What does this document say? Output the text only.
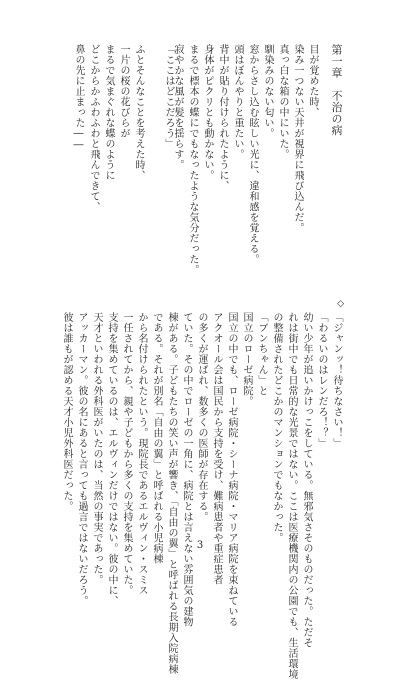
第一章　不治の病

目が覚めた時、

染み一つない天井が視界に飛び込んだ。

真っ白な箱の中にいた。

馴染みのない匂い。

窓からさし込む眩しい光に、違和感を覚える。

頭はぼんやりと重たい。

背中が貼り付けられたように、

身体がピクリとも動かない。

まるで標本の蝶にでもなったような気分だった。

寂やかな風が髪を揺らす。

「ここはどこだろう」

ふとそんなことを考えた時、

一片の桜の花びらが

まるで気まぐれな蝶のように

どこからかふわふわと飛んできて、

鼻の先に止まった――

◇

「ジャンッ！待ちなさい！」

「わるいのはレンだろ！？」

幼い少年が追いかけっこをしている。無邪気さそのものだった。ただそ

れは街中でも日常的な光景ではない。ここは医療機関内の公園でも、生活環境

の整備されたどこかのマンションでもなかった。

「ブンちゃん」と

国立のローゼ病院。

国立の中でも、ローゼ病院・シーナ病院・マリア病院を束ねている

アクオール会は国民から支持を受け、難病患者や重症患者

の多くが運ばれ、数多くの医師が存在する。

ていた。その中でローゼの一角に、病院とは言えない雰囲気の建物

棟がある。子どもたちの笑い声が響き、「自由の翼」と呼ばれる長期入院病棟

である。それが別名「自由の翼」と呼ばれる小児病棟

から名付けられたという。現院長であるエルヴィン・スミス

一任されてから、親や子どもから多くの支持を集めていた。

支持を集めているのは、エルヴィンだけではない。彼の中に、

天才といわれる外科医がいたのは、当然の事実であった。

アッカーマン。彼の名にあると言っても過言ではないだろう。

彼は誰もが認める天才小児外科医だった。

3
